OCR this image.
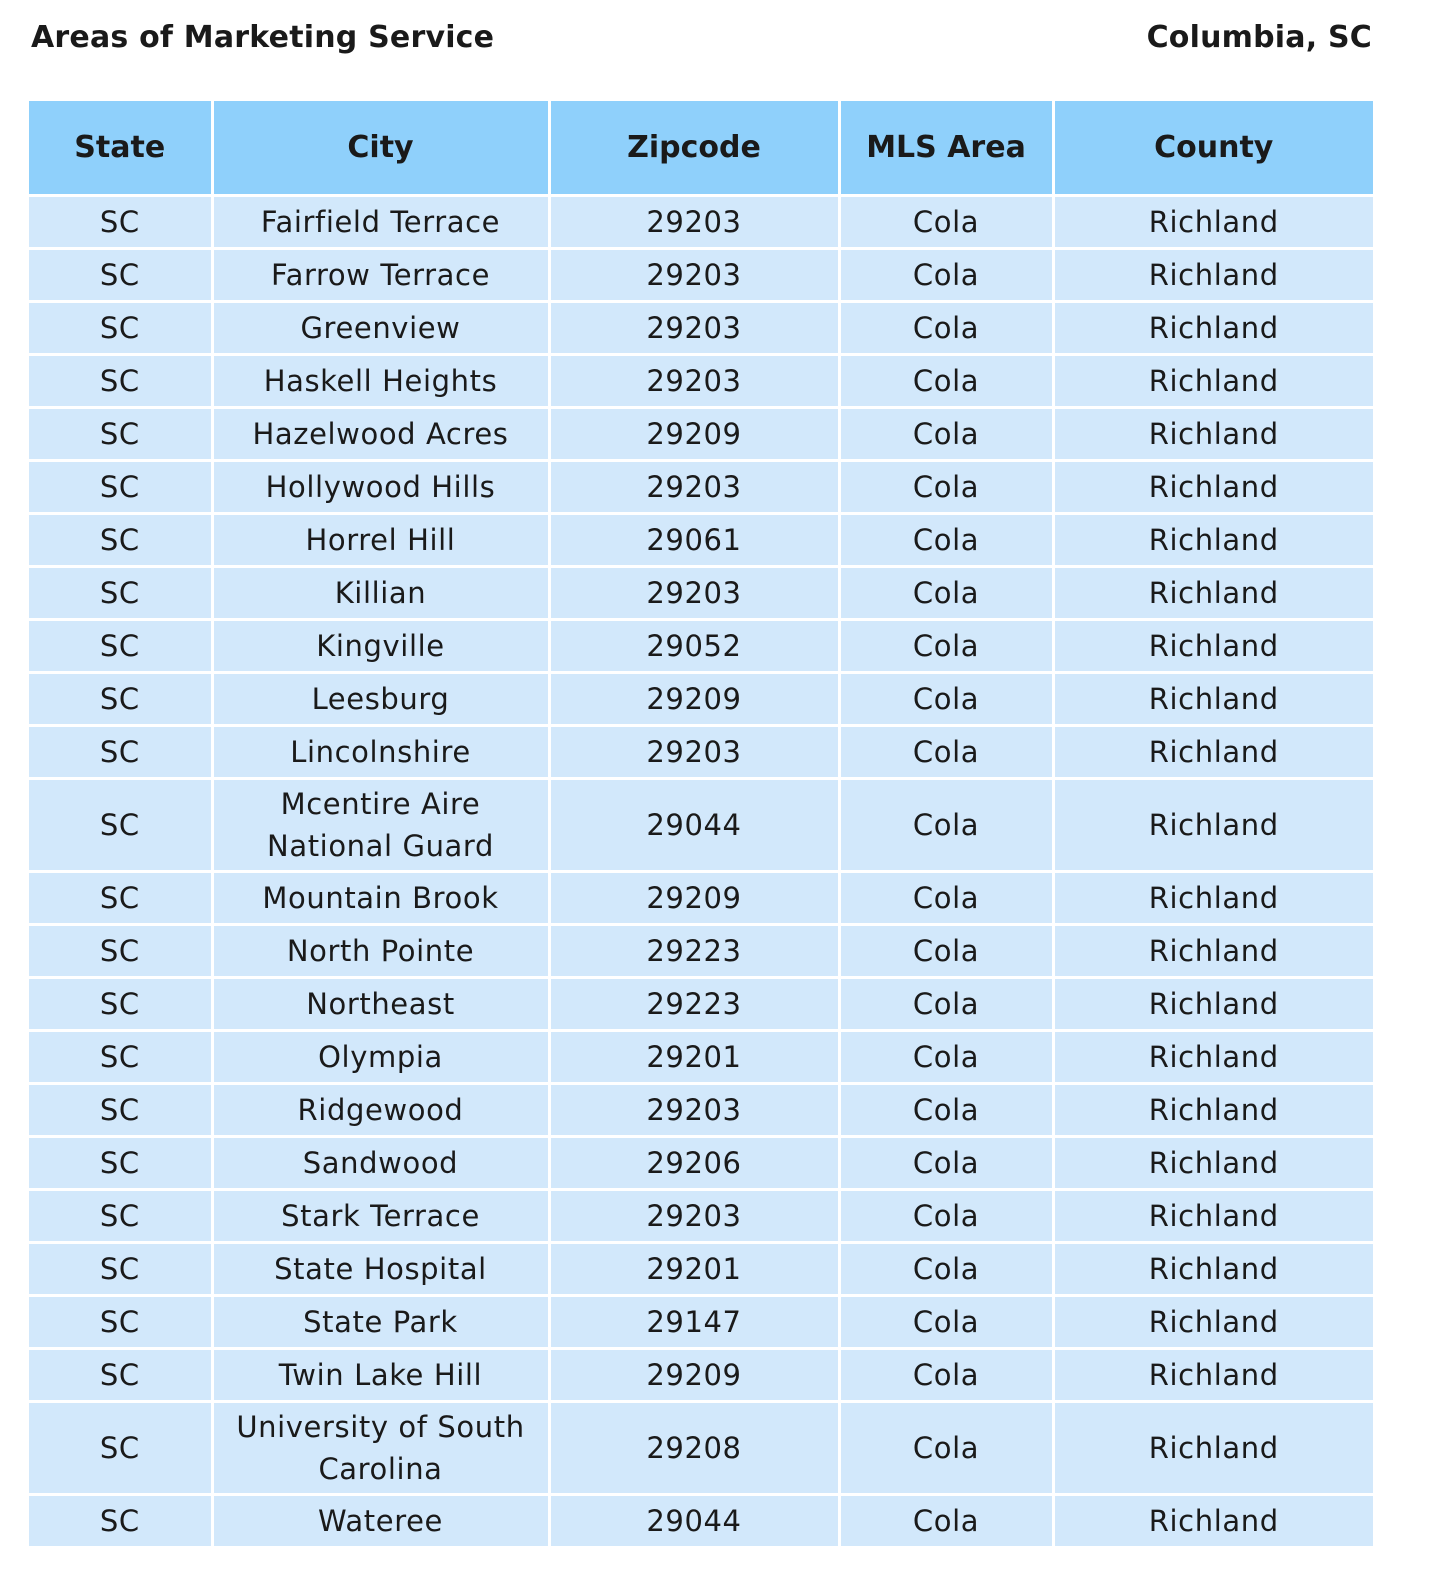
Areas of Marketing Service	Columbia, SC
State	City	Zipcode	MLS Area	County
SC	Fairfield Terrace	29203	Cola	Richland
SC	Farrow Terrace	29203	Cola	Richland
SC	Greenview	29203	Cola	Richland
SC	Haskell Heights	29203	Cola	Richland
SC	Hazelwood Acres	29209	Cola	Richland
SC	Hollywood Hills	29203	Cola	Richland
SC	Horrel Hill	29061	Cola	Richland
SC	Killian	29203	Cola	Richland
SC	Kingville	29052	Cola	Richland
SC	Leesburg	29209	Cola	Richland
SC	Lincolnshire	29203	Cola	Richland
SC	Mcentire Aire National Guard	29044	Cola	Richland
SC	Mountain Brook	29209	Cola	Richland
SC	North Pointe	29223	Cola	Richland
SC	Northeast	29223	Cola	Richland
SC	Olympia	29201	Cola	Richland
SC	Ridgewood	29203	Cola	Richland
SC	Sandwood	29206	Cola	Richland
SC	Stark Terrace	29203	Cola	Richland
SC	State Hospital	29201	Cola	Richland
SC	State Park	29147	Cola	Richland
SC	Twin Lake Hill	29209	Cola	Richland
SC	University of South Carolina	29208	Cola	Richland
SC	Wateree	29044	Cola	Richland
